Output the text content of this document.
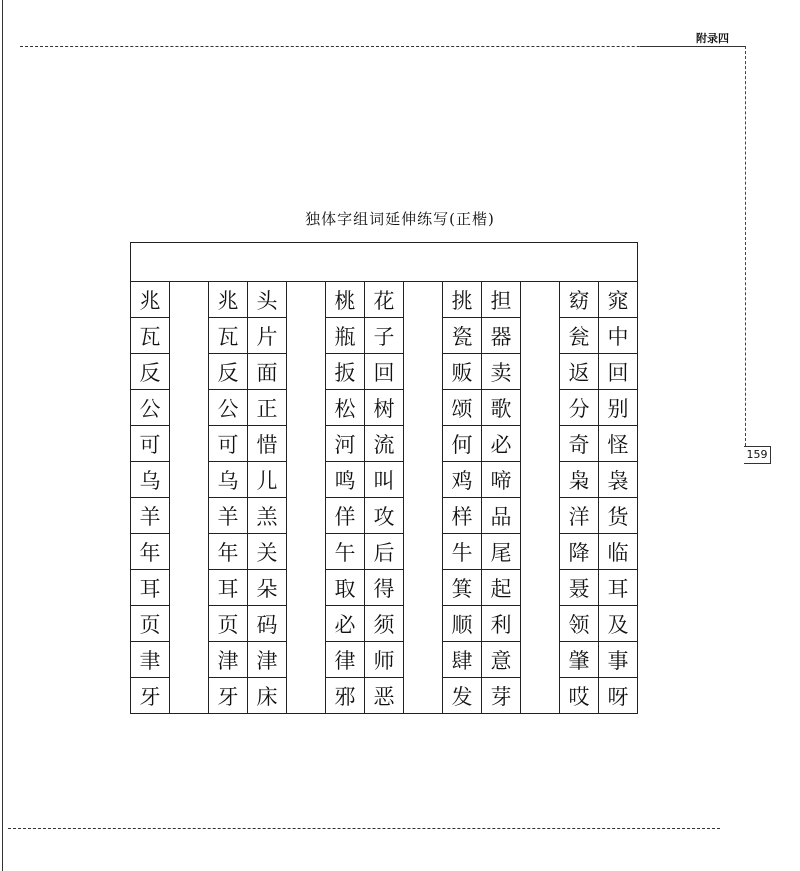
附录四
159
独体字组词延伸练写(正楷)

兆		兆	头		桃	花		挑	担		窈	窕
瓦		瓦	片		瓶	子		瓷	器		瓮	中
反		反	面		扳	回		贩	卖		返	回
公		公	正		松	树		颂	歌		分	别
可		可	惜		河	流		何	必		奇	怪
乌		乌	儿		鸣	叫		鸡	啼		枭	袅
羊		羊	羔		佯	攻		样	品		洋	货
年		年	关		午	后		牛	尾		降	临
耳		耳	朵		取	得		箕	起		聂	耳
页		页	码		必	须		顺	利		领	及
聿		津	津		律	师		肆	意		肇	事
牙		牙	床		邪	恶		发	芽		哎	呀
